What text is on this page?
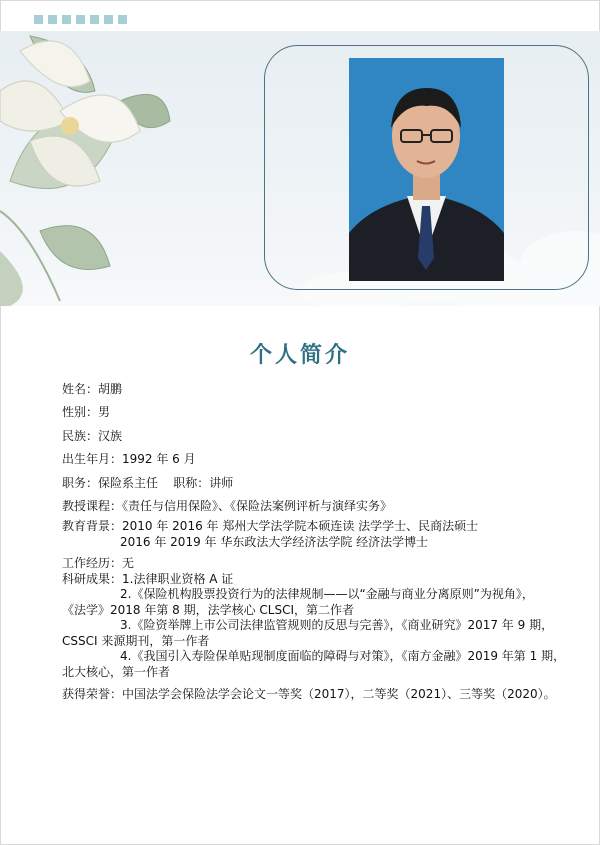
个人简介
姓名：胡鹏
性别：男
民族：汉族
出生年月：1992 年 6 月
职务：保险系主任    职称：讲师
教授课程：《责任与信用保险》、《保险法案例评析与演绎实务》
教育背景：2010 年 2016 年 郑州大学法学院本硕连读 法学学士、民商法硕士
2016 年 2019 年 华东政法大学经济法学院 经济法学博士
工作经历：无
科研成果：1.法律职业资格 A 证
2.《保险机构股票投资行为的法律规制——以“金融与商业分离原则”为视角》，
《法学》2018 年第 8 期，法学核心 CLSCI，第二作者
3.《险资举牌上市公司法律监管规则的反思与完善》，《商业研究》2017 年 9 期，
CSSCI 来源期刊，第一作者
4.《我国引入寿险保单贴现制度面临的障碍与对策》，《南方金融》2019 年第 1 期，
北大核心，第一作者
获得荣誉：中国法学会保险法学会论文一等奖（2017），二等奖（2021）、三等奖（2020）。
